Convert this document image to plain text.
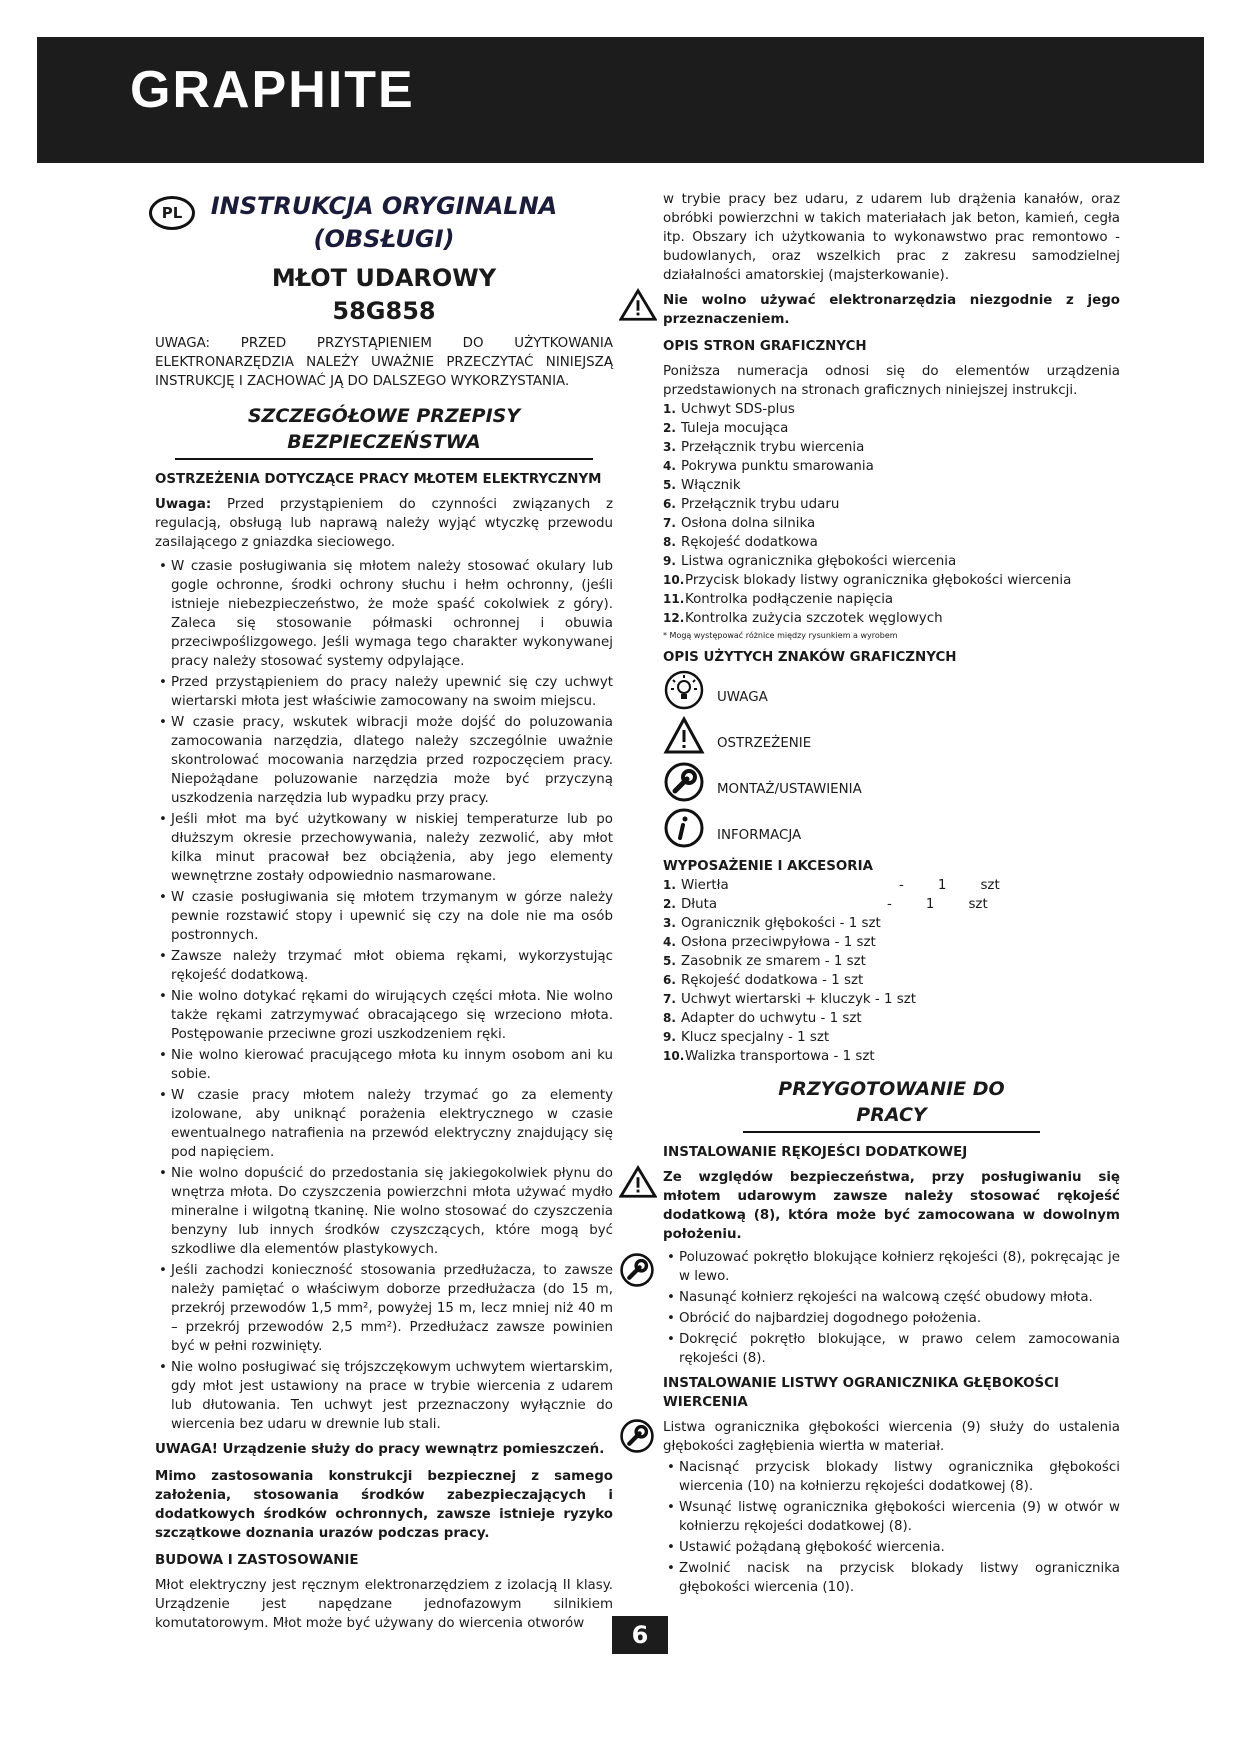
GRAPHITE
PL	INSTRUKCJA ORYGINALNA

(OBSŁUGI)

MŁOT UDAROWY

58G858

UWAGA: PRZED PRZYSTĄPIENIEM DO UŻYTKOWANIA ELEKTRONARZĘDZIA NALEŻY UWAŻNIE PRZECZYTAĆ NINIEJSZĄ INSTRUKCJĘ I ZACHOWAĆ JĄ DO DALSZEGO WYKORZYSTANIA.

SZCZEGÓŁOWE PRZEPISY BEZPIECZEŃSTWA

OSTRZEŻENIA DOTYCZĄCE PRACY MŁOTEM ELEKTRYCZNYM

Uwaga: Przed przystąpieniem do czynności związanych z regulacją, obsługą lub naprawą należy wyjąć wtyczkę przewodu zasilającego z gniazdka sieciowego.

• W czasie posługiwania się młotem należy stosować okulary lub gogle ochronne, środki ochrony słuchu i hełm ochronny, (jeśli istnieje niebezpieczeństwo, że może spaść cokolwiek z góry). Zaleca się stosowanie półmaski ochronnej i obuwia przeciwpoślizgowego. Jeśli wymaga tego charakter wykonywanej pracy należy stosować systemy odpylające.
• Przed przystąpieniem do pracy należy upewnić się czy uchwyt wiertarski młota jest właściwie zamocowany na swoim miejscu.
• W czasie pracy, wskutek wibracji może dojść do poluzowania zamocowania narzędzia, dlatego należy szczególnie uważnie skontrolować mocowania narzędzia przed rozpoczęciem pracy. Niepożądane poluzowanie narzędzia może być przyczyną uszkodzenia narzędzia lub wypadku przy pracy.
• Jeśli młot ma być użytkowany w niskiej temperaturze lub po dłuższym okresie przechowywania, należy zezwolić, aby młot kilka minut pracował bez obciążenia, aby jego elementy wewnętrzne zostały odpowiednio nasmarowane.
• W czasie posługiwania się młotem trzymanym w górze należy pewnie rozstawić stopy i upewnić się czy na dole nie ma osób postronnych.
• Zawsze należy trzymać młot obiema rękami, wykorzystując rękojeść dodatkową.
• Nie wolno dotykać rękami do wirujących części młota. Nie wolno także rękami zatrzymywać obracającego się wrzeciono młota. Postępowanie przeciwne grozi uszkodzeniem ręki.
• Nie wolno kierować pracującego młota ku innym osobom ani ku sobie.
• W czasie pracy młotem należy trzymać go za elementy izolowane, aby uniknąć porażenia elektrycznego w czasie ewentualnego natrafienia na przewód elektryczny znajdujący się pod napięciem.
• Nie wolno dopuścić do przedostania się jakiegokolwiek płynu do wnętrza młota. Do czyszczenia powierzchni młota używać mydło mineralne i wilgotną tkaninę. Nie wolno stosować do czyszczenia benzyny lub innych środków czyszczących, które mogą być szkodliwe dla elementów plastykowych.
• Jeśli zachodzi konieczność stosowania przedłużacza, to zawsze należy pamiętać o właściwym doborze przedłużacza (do 15 m, przekrój przewodów 1,5 mm², powyżej 15 m, lecz mniej niż 40 m – przekrój przewodów 2,5 mm²). Przedłużacz zawsze powinien być w pełni rozwinięty.
• Nie wolno posługiwać się trójszczękowym uchwytem wiertarskim, gdy młot jest ustawiony na prace w trybie wiercenia z udarem lub dłutowania. Ten uchwyt jest przeznaczony wyłącznie do wiercenia bez udaru w drewnie lub stali.

UWAGA! Urządzenie służy do pracy wewnątrz pomieszczeń.

Mimo zastosowania konstrukcji bezpiecznej z samego założenia, stosowania środków zabezpieczających i dodatkowych środków ochronnych, zawsze istnieje ryzyko szczątkowe doznania urazów podczas pracy.

BUDOWA I ZASTOSOWANIE

Młot elektryczny jest ręcznym elektronarzędziem z izolacją II klasy. Urządzenie jest napędzane jednofazowym silnikiem komutatorowym. Młot może być używany do wiercenia otworów

w trybie pracy bez udaru, z udarem lub drążenia kanałów, oraz obróbki powierzchni w takich materiałach jak beton, kamień, cegła itp. Obszary ich użytkowania to wykonawstwo prac remontowo - budowlanych, oraz wszelkich prac z zakresu samodzielnej działalności amatorskiej (majsterkowanie).

Nie wolno używać elektronarzędzia niezgodnie z jego przeznaczeniem.

OPIS STRON GRAFICZNYCH

Poniższa numeracja odnosi się do elementów urządzenia przedstawionych na stronach graficznych niniejszej instrukcji.

1. Uchwyt SDS-plus

2. Tuleja mocująca

3. Przełącznik trybu wiercenia

4. Pokrywa punktu smarowania

5. Włącznik

6. Przełącznik trybu udaru

7. Osłona dolna silnika

8. Rękojeść dodatkowa

9. Listwa ogranicznika głębokości wiercenia

10.Przycisk blokady listwy ogranicznika głębokości wiercenia

11.Kontrolka podłączenie napięcia

12.Kontrolka zużycia szczotek węglowych

* Mogą występować różnice między rysunkiem a wyrobem

OPIS UŻYTYCH ZNAKÓW GRAFICZNYCH

UWAGA
OSTRZEŻENIE
MONTAŻ/USTAWIENIA
INFORMACJA

WYPOSAŻENIE I AKCESORIA

1. Wiertła	-        1        szt

2. Dłuta	-        1        szt

3. Ogranicznik głębokości - 1 szt

4. Osłona przeciwpyłowa - 1 szt

5. Zasobnik ze smarem - 1 szt

6. Rękojeść dodatkowa - 1 szt

7. Uchwyt wiertarski + kluczyk - 1 szt

8. Adapter do uchwytu - 1 szt

9. Klucz specjalny - 1 szt

10.Walizka transportowa - 1 szt

PRZYGOTOWANIE DO PRACY

INSTALOWANIE RĘKOJEŚCI DODATKOWEJ

Ze względów bezpieczeństwa, przy posługiwaniu się młotem udarowym zawsze należy stosować rękojeść dodatkową (8), która może być zamocowana w dowolnym położeniu.

• Poluzować pokrętło blokujące kołnierz rękojeści (8), pokręcając je w lewo.
• Nasunąć kołnierz rękojeści na walcową część obudowy młota.
• Obrócić do najbardziej dogodnego położenia.
• Dokręcić pokrętło blokujące, w prawo celem zamocowania rękojeści (8).

INSTALOWANIE LISTWY OGRANICZNIKA GŁĘBOKOŚCI WIERCENIA

Listwa ogranicznika głębokości wiercenia (9) służy do ustalenia głębokości zagłębienia wiertła w materiał.

• Nacisnąć przycisk blokady listwy ogranicznika głębokości wiercenia (10) na kołnierzu rękojeści dodatkowej (8).
• Wsunąć listwę ogranicznika głębokości wiercenia (9) w otwór w kołnierzu rękojeści dodatkowej (8).
• Ustawić pożądaną głębokość wiercenia.
• Zwolnić nacisk na przycisk blokady listwy ogranicznika głębokości wiercenia (10).
6
